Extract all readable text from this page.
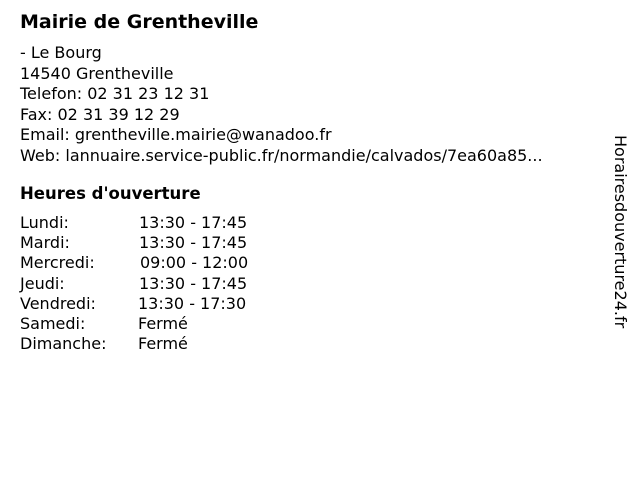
Mairie de Grentheville
- Le Bourg
14540 Grentheville
Telefon: 02 31 23 12 31
Fax: 02 31 39 12 29
Email: grentheville.mairie@wanadoo.fr
Web: lannuaire.service-public.fr/normandie/calvados/7ea60a85...
Heures d'ouverture
Lundi:	13:30 - 17:45
Mardi:	13:30 - 17:45
Mercredi:	09:00 - 12:00
Jeudi:	13:30 - 17:45
Vendredi:	13:30 - 17:30
Samedi:	Fermé
Dimanche: Fermé
Horairesdouverture24.fr
